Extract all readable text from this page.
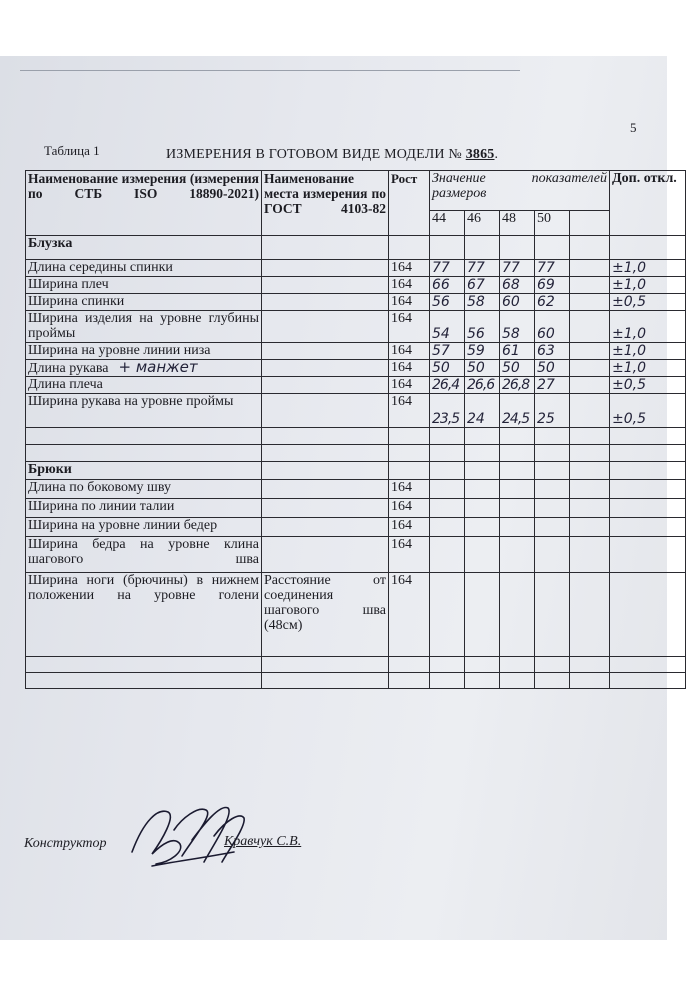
5
Таблица 1	ИЗМЕРЕНИЯ В ГОТОВОМ ВИДЕ МОДЕЛИ № 3865.
Наименование измерения (измерения по СТБ ISO 18890-2021)	Наименование места измерения по ГОСТ 4103-82	Рост	Значение показателей размеров					Доп. откл.
			44	46	48	50		
Блузка								
Длина середины спинки		164	77	77	77	77		±1,0
Ширина плеч		164	66	67	68	69		±1,0
Ширина спинки		164	56	58	60	62		±0,5
Ширина изделия на уровне глубины проймы		164	54	56	58	60		±1,0
Ширина на уровне линии низа		164	57	59	61	63		±1,0
Длина рукава + манжет		164	50	50	50	50		±1,0
Длина плеча		164	26,4	26,6	26,8	27		±0,5
Ширина рукава на уровне проймы		164	23,5	24	24,5	25		±0,5

Брюки								
Длина по боковому шву		164						
Ширина по линии талии		164						
Ширина на уровне линии бедер		164						
Ширина бедра на уровне клина шагового шва		164						
Ширина ноги (брючины) в нижнем положении на уровне голени	Расстояние от соединения шагового шва (48см)	164						

Конструктор	Кравчук С.В.
